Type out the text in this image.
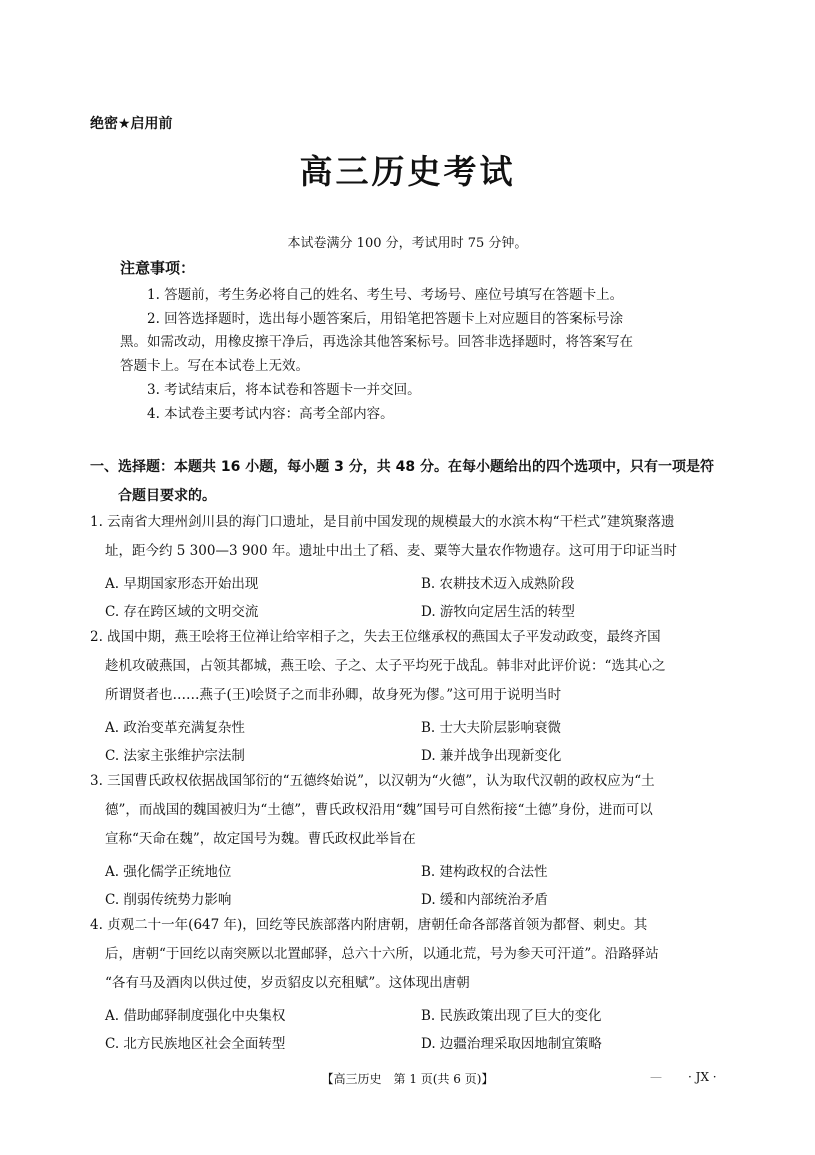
绝密★启用前
高三历史考试
本试卷满分 100 分，考试用时 75 分钟。
注意事项：
1. 答题前，考生务必将自己的姓名、考生号、考场号、座位号填写在答题卡上。
2. 回答选择题时，选出每小题答案后，用铅笔把答题卡上对应题目的答案标号涂
黑。如需改动，用橡皮擦干净后，再选涂其他答案标号。回答非选择题时，将答案写在
答题卡上。写在本试卷上无效。
3. 考试结束后，将本试卷和答题卡一并交回。
4. 本试卷主要考试内容：高考全部内容。
一、选择题：本题共 16 小题，每小题 3 分，共 48 分。在每小题给出的四个选项中，只有一项是符
合题目要求的。
1. 云南省大理州剑川县的海门口遗址，是目前中国发现的规模最大的水滨木构“干栏式”建筑聚落遗
址，距今约 5 300—3 900 年。遗址中出土了稻、麦、粟等大量农作物遗存。这可用于印证当时
A. 早期国家形态开始出现	B. 农耕技术迈入成熟阶段
C. 存在跨区域的文明交流	D. 游牧向定居生活的转型
2. 战国中期，燕王哙将王位禅让给宰相子之，失去王位继承权的燕国太子平发动政变，最终齐国
趁机攻破燕国，占领其都城，燕王哙、子之、太子平均死于战乱。韩非对此评价说：“选其心之
所谓贤者也……燕子(王)哙贤子之而非孙卿，故身死为僇。”这可用于说明当时
A. 政治变革充满复杂性	B. 士大夫阶层影响衰微
C. 法家主张维护宗法制	D. 兼并战争出现新变化
3. 三国曹氏政权依据战国邹衍的“五德终始说”，以汉朝为“火德”，认为取代汉朝的政权应为“土
德”，而战国的魏国被归为“土德”，曹氏政权沿用“魏”国号可自然衔接“土德”身份，进而可以
宣称“天命在魏”，故定国号为魏。曹氏政权此举旨在
A. 强化儒学正统地位	B. 建构政权的合法性
C. 削弱传统势力影响	D. 缓和内部统治矛盾
4. 贞观二十一年(647 年)，回纥等民族部落内附唐朝，唐朝任命各部落首领为都督、刺史。其
后，唐朝“于回纥以南突厥以北置邮驿，总六十六所，以通北荒，号为参天可汗道”。沿路驿站
“各有马及酒肉以供过使，岁贡貂皮以充租赋”。这体现出唐朝
A. 借助邮驿制度强化中央集权	B. 民族政策出现了巨大的变化
C. 北方民族地区社会全面转型	D. 边疆治理采取因地制宜策略
【高三历史　第 1 页(共 6 页)】	— · JX ·
